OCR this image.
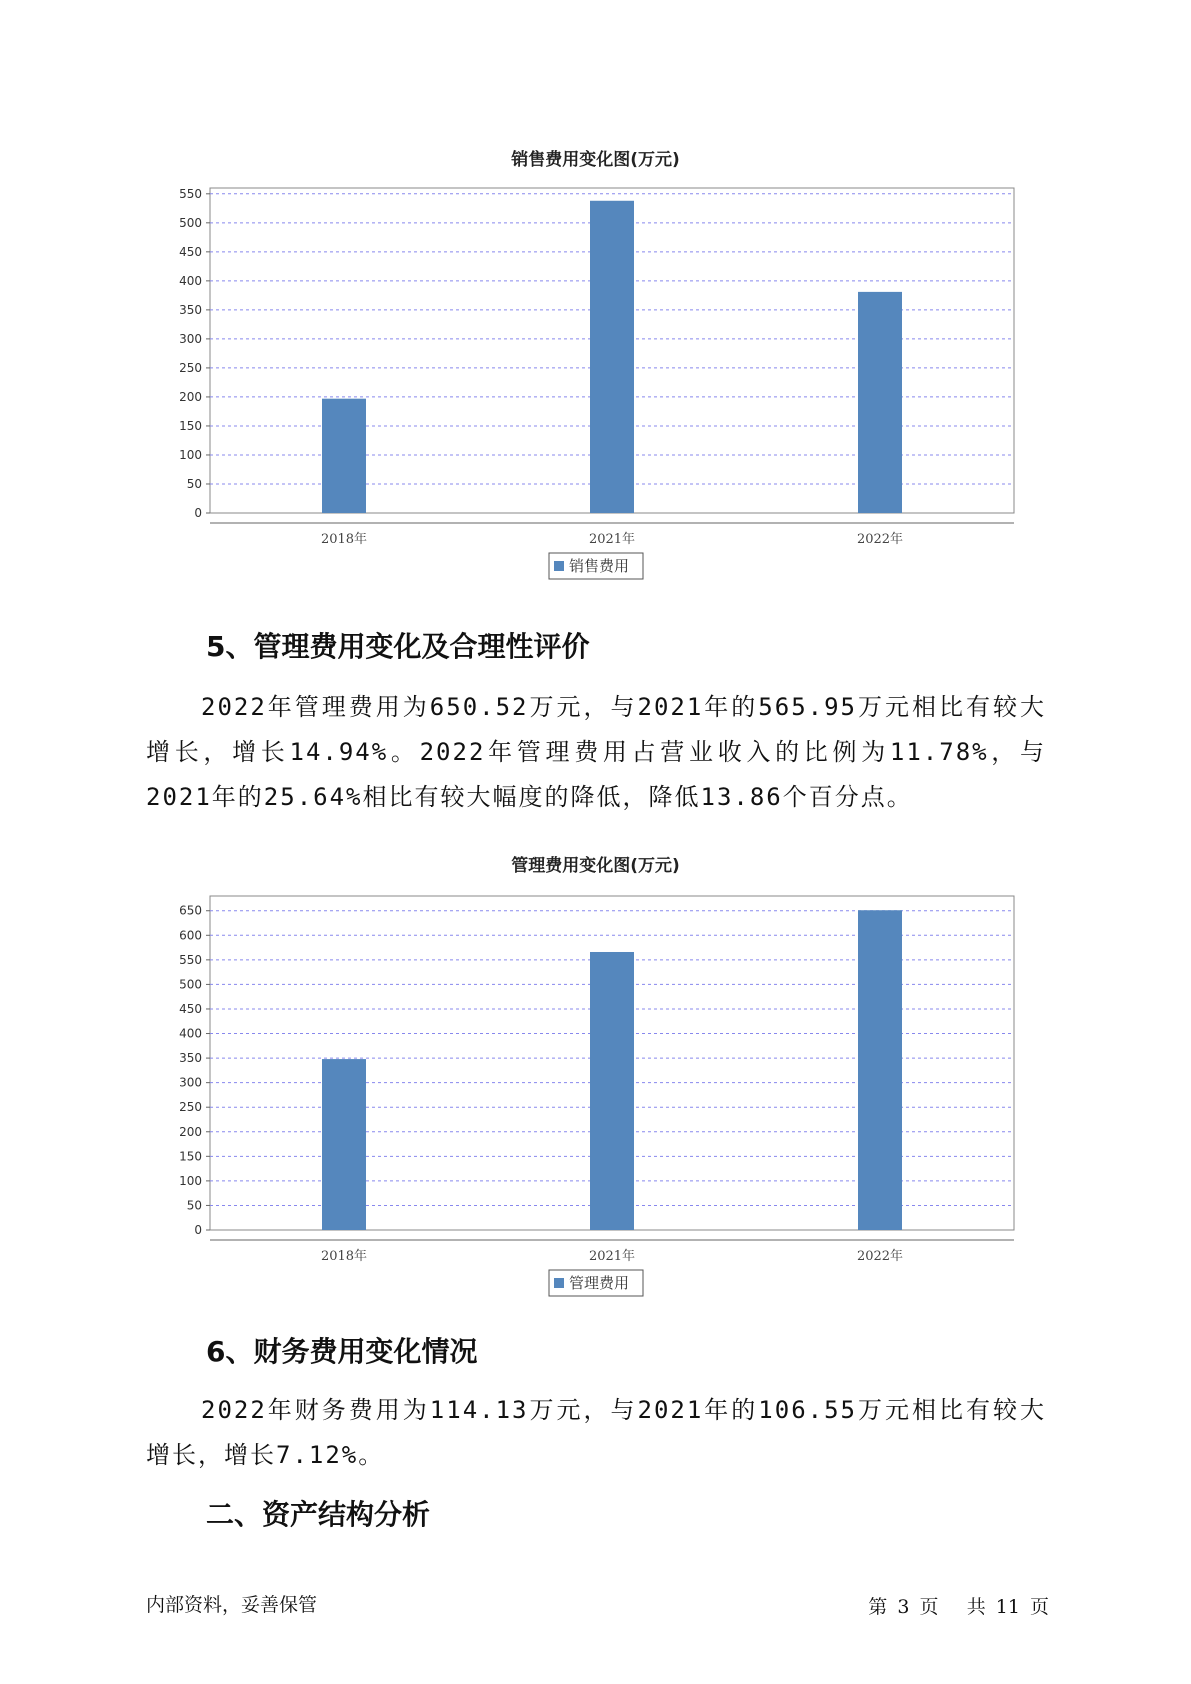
销售费用变化图(万元)
0
50
100
150
200
250
300
350
400
450
500
550
2018年	2021年	2022年
销售费用
5、管理费用变化及合理性评价
2022年管理费用为650.52万元，与2021年的565.95万元相比有较大增长，增长14.94%。2022年管理费用占营业收入的比例为11.78%，与2021年的25.64%相比有较大幅度的降低，降低13.86个百分点。
管理费用变化图(万元)
0
50
100
150
200
250
300
350
400
450
500
550
600
650
2018年	2021年	2022年
管理费用
6、财务费用变化情况
2022年财务费用为114.13万元，与2021年的106.55万元相比有较大增长，增长7.12%。
二、资产结构分析
内部资料，妥善保管	第 3 页 共 11 页
